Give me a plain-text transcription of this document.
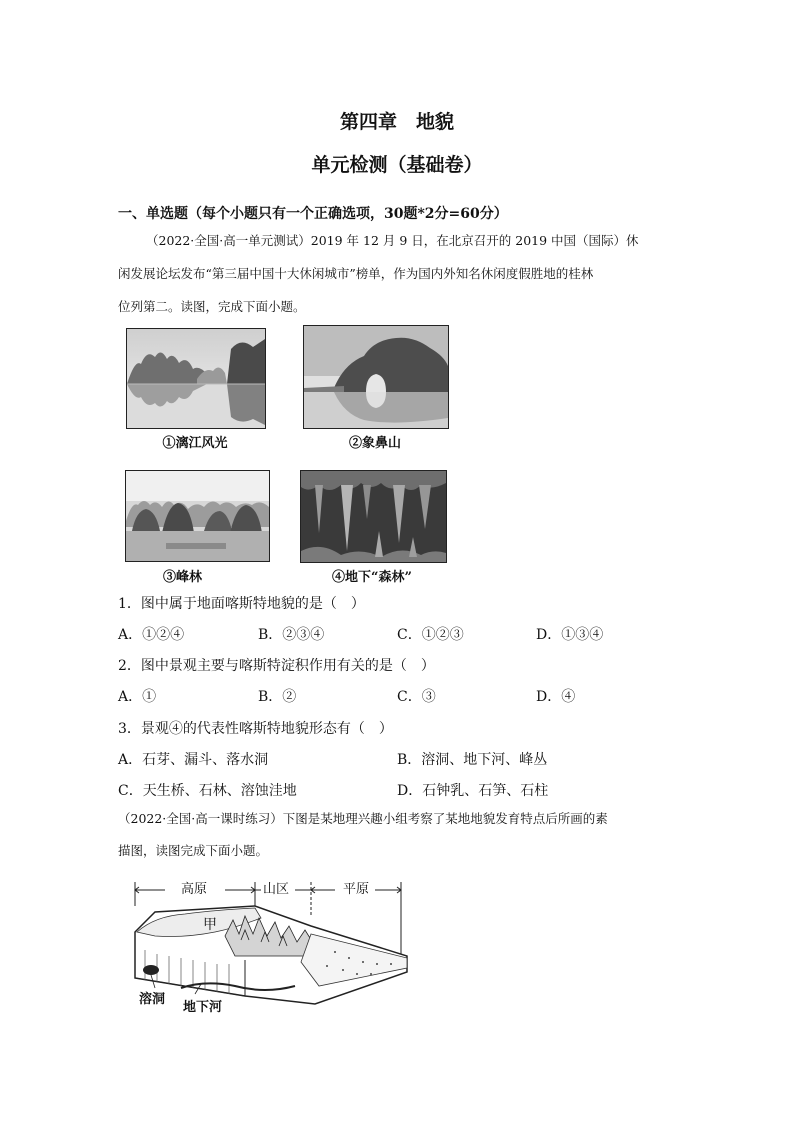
第四章　地貌
单元检测（基础卷）
一、单选题（每个小题只有一个正确选项，30题*2分=60分）
（2022·全国·高一单元测试）2019 年 12 月 9 日，在北京召开的 2019 中国（国际）休
闲发展论坛发布“第三届中国十大休闲城市”榜单，作为国内外知名休闲度假胜地的桂林
位列第二。读图，完成下面小题。
①漓江风光	②象鼻山
③峰林	④地下“森林”
1．图中属于地面喀斯特地貌的是（　）
A．①②④	B．②③④	C．①②③	D．①③④
2．图中景观主要与喀斯特淀积作用有关的是（　）
A．①	B．②	C．③	D．④
3．景观④的代表性喀斯特地貌形态有（　）
A．石芽、漏斗、落水洞	B．溶洞、地下河、峰丛
C．天生桥、石林、溶蚀洼地	D．石钟乳、石笋、石柱
（2022·全国·高一课时练习）下图是某地理兴趣小组考察了某地地貌发育特点后所画的素
描图，读图完成下面小题。
高原	山区	平原
甲
溶洞
地下河
